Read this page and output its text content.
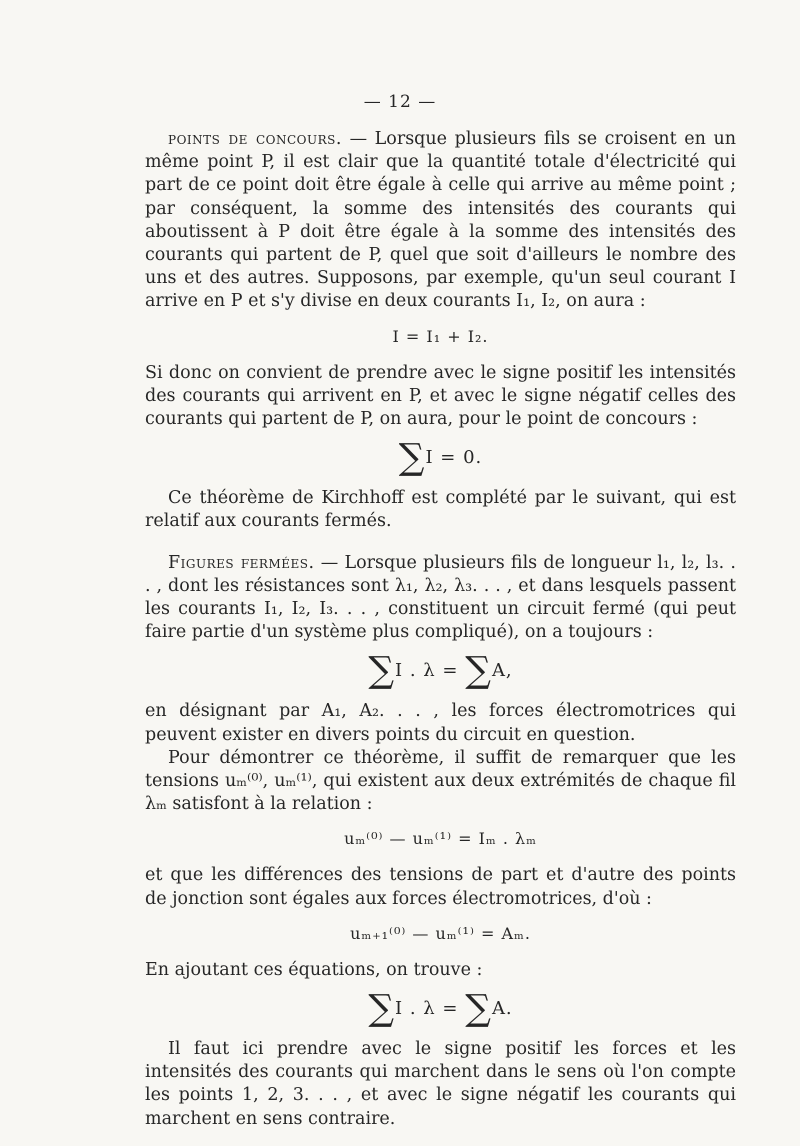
— 12 —

points de concours. — Lorsque plusieurs fils se croisent en un même point P, il est clair que la quantité totale d'électricité qui part de ce point doit être égale à celle qui arrive au même point ; par conséquent, la somme des intensités des courants qui aboutissent à P doit être égale à la somme des intensités des courants qui partent de P, quel que soit d'ailleurs le nombre des uns et des autres. Supposons, par exemple, qu'un seul courant I arrive en P et s'y divise en deux courants I₁, I₂, on aura :

I = I₁ + I₂.

Si donc on convient de prendre avec le signe positif les intensités des courants qui arrivent en P, et avec le signe négatif celles des courants qui partent de P, on aura, pour le point de concours :

∑I = 0.

Ce théorème de Kirchhoff est complété par le suivant, qui est relatif aux courants fermés.

Figures fermées. — Lorsque plusieurs fils de longueur l₁, l₂, l₃. . . , dont les résistances sont λ₁, λ₂, λ₃. . . , et dans lesquels passent les courants I₁, I₂, I₃. . . , constituent un circuit fermé (qui peut faire partie d'un système plus compliqué), on a toujours :

∑I . λ = ∑A,

en désignant par A₁, A₂. . . , les forces électromotrices qui peuvent exister en divers points du circuit en question.

Pour démontrer ce théorème, il suffit de remarquer que les tensions uₘ⁽⁰⁾, uₘ⁽¹⁾, qui existent aux deux extrémités de chaque fil λₘ satisfont à la relation :

uₘ⁽⁰⁾ — uₘ⁽¹⁾ = Iₘ . λₘ

et que les différences des tensions de part et d'autre des points de jonction sont égales aux forces électromotrices, d'où :

uₘ₊₁⁽⁰⁾ — uₘ⁽¹⁾ = Aₘ.

En ajoutant ces équations, on trouve :

∑I . λ = ∑A.

Il faut ici prendre avec le signe positif les forces et les intensités des courants qui marchent dans le sens où l'on compte les points 1, 2, 3. . . , et avec le signe négatif les courants qui marchent en sens contraire.
